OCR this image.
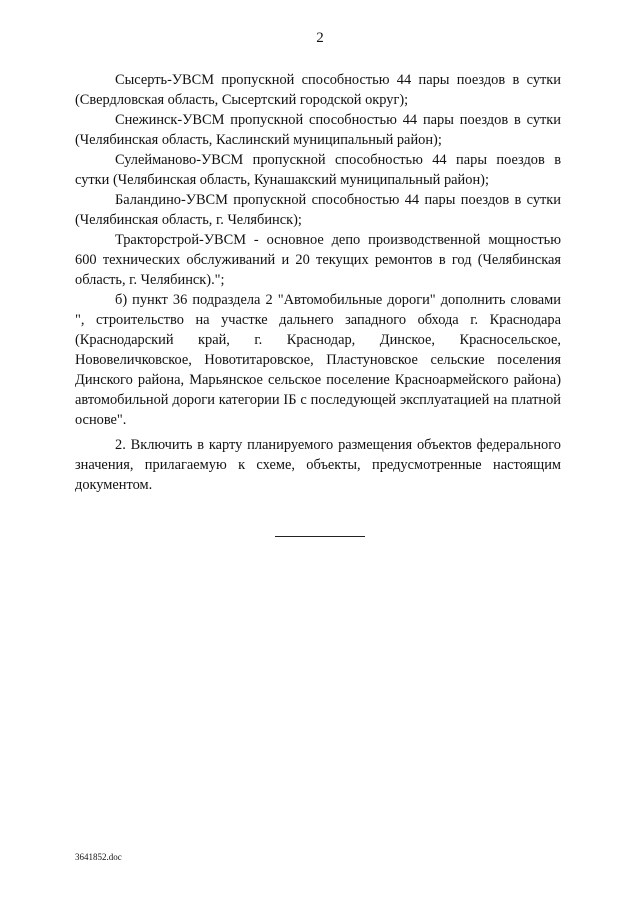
2

Сысерть-УВСМ пропускной способностью 44 пары поездов в сутки (Свердловская область, Сысертский городской округ);

Снежинск-УВСМ пропускной способностью 44 пары поездов в сутки (Челябинская область, Каслинский муниципальный район);

Сулейманово-УВСМ пропускной способностью 44 пары поездов в сутки (Челябинская область, Кунашакский муниципальный район);

Баландино-УВСМ пропускной способностью 44 пары поездов в сутки (Челябинская область, г. Челябинск);

Тракторстрой-УВСМ - основное депо производственной мощностью 600 технических обслуживаний и 20 текущих ремонтов в год (Челябинская область, г. Челябинск).";

б) пункт 36 подраздела 2 "Автомобильные дороги" дополнить словами ", строительство на участке дальнего западного обхода г. Краснодара (Краснодарский край, г. Краснодар, Динское, Красносельское, Нововеличковское, Новотитаровское, Пластуновское сельские поселения Динского района, Марьянское сельское поселение Красноармейского района) автомобильной дороги категории IБ с последующей эксплуатацией на платной основе".

2. Включить в карту планируемого размещения объектов федерального значения, прилагаемую к схеме, объекты, предусмотренные настоящим документом.

3641852.doc
